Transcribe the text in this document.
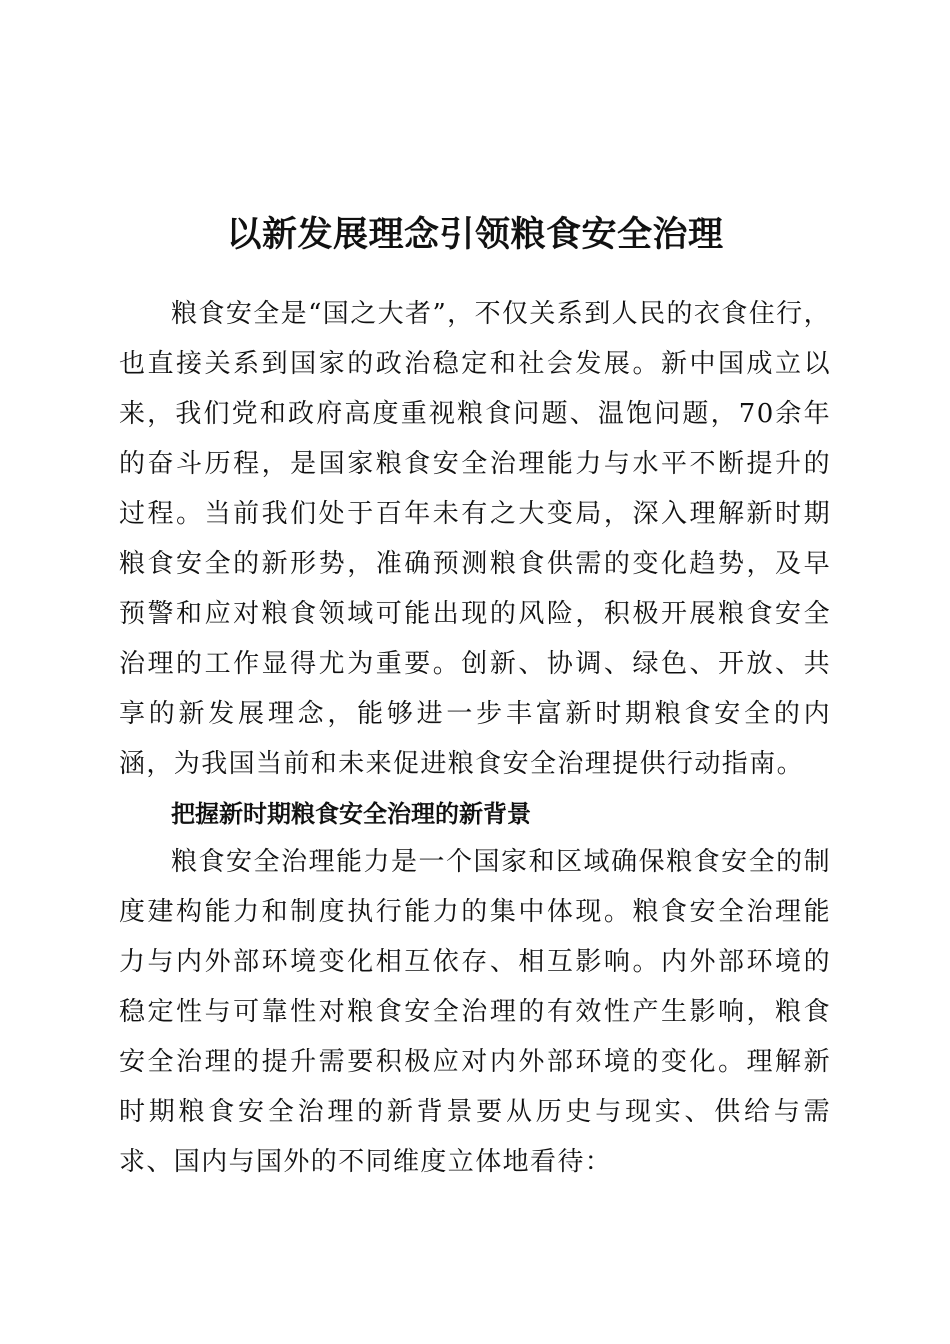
以新发展理念引领粮食安全治理

粮食安全是“国之大者”，不仅关系到人民的衣食住行，也直接关系到国家的政治稳定和社会发展。新中国成立以来，我们党和政府高度重视粮食问题、温饱问题，70余年的奋斗历程，是国家粮食安全治理能力与水平不断提升的过程。当前我们处于百年未有之大变局，深入理解新时期粮食安全的新形势，准确预测粮食供需的变化趋势，及早预警和应对粮食领域可能出现的风险，积极开展粮食安全治理的工作显得尤为重要。创新、协调、绿色、开放、共享的新发展理念，能够进一步丰富新时期粮食安全的内涵，为我国当前和未来促进粮食安全治理提供行动指南。

把握新时期粮食安全治理的新背景

粮食安全治理能力是一个国家和区域确保粮食安全的制度建构能力和制度执行能力的集中体现。粮食安全治理能力与内外部环境变化相互依存、相互影响。内外部环境的稳定性与可靠性对粮食安全治理的有效性产生影响，粮食安全治理的提升需要积极应对内外部环境的变化。理解新时期粮食安全治理的新背景要从历史与现实、供给与需求、国内与国外的不同维度立体地看待：
